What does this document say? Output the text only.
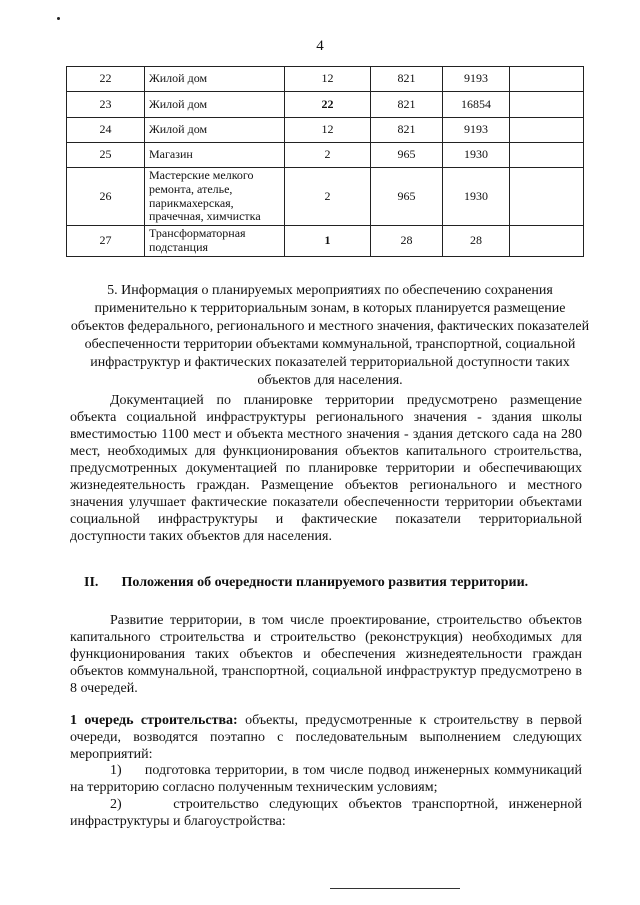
4
22	Жилой дом	12	821	9193	
23	Жилой дом	22	821	16854	
24	Жилой дом	12	821	9193	
25	Магазин	2	965	1930	
26	Мастерские мелкого ремонта, ателье, парикмахерская, прачечная, химчистка	2	965	1930	
27	Трансформаторная подстанция	1	28	28	
5. Информация о планируемых мероприятиях по обеспечению сохранения применительно к территориальным зонам, в которых планируется размещение объектов федерального, регионального и местного значения, фактических показателей обеспеченности территории объектами коммунальной, транспортной, социальной инфраструктур и фактических показателей территориальной доступности таких объектов для населения.
Документацией по планировке территории предусмотрено размещение объекта социальной инфраструктуры регионального значения - здания школы вместимостью 1100 мест и объекта местного значения - здания детского сада на 280 мест, необходимых для функционирования объектов капитального строительства, предусмотренных документацией по планировке территории и обеспечивающих жизнедеятельность граждан. Размещение объектов регионального и местного значения улучшает фактические показатели обеспеченности территории объектами социальной инфраструктуры и фактические показатели территориальной доступности таких объектов для населения.
II. Положения об очередности планируемого развития территории.
Развитие территории, в том числе проектирование, строительство объектов капитального строительства и строительство (реконструкция) необходимых для функционирования таких объектов и обеспечения жизнедеятельности граждан объектов коммунальной, транспортной, социальной инфраструктур предусмотрено в 8 очередей.
1 очередь строительства: объекты, предусмотренные к строительству в первой очереди, возводятся поэтапно с последовательным выполнением следующих мероприятий:
1)     подготовка территории, в том числе подвод инженерных коммуникаций на территорию согласно полученным техническим условиям;
2)     строительство следующих объектов транспортной, инженерной инфраструктуры и благоустройства:
